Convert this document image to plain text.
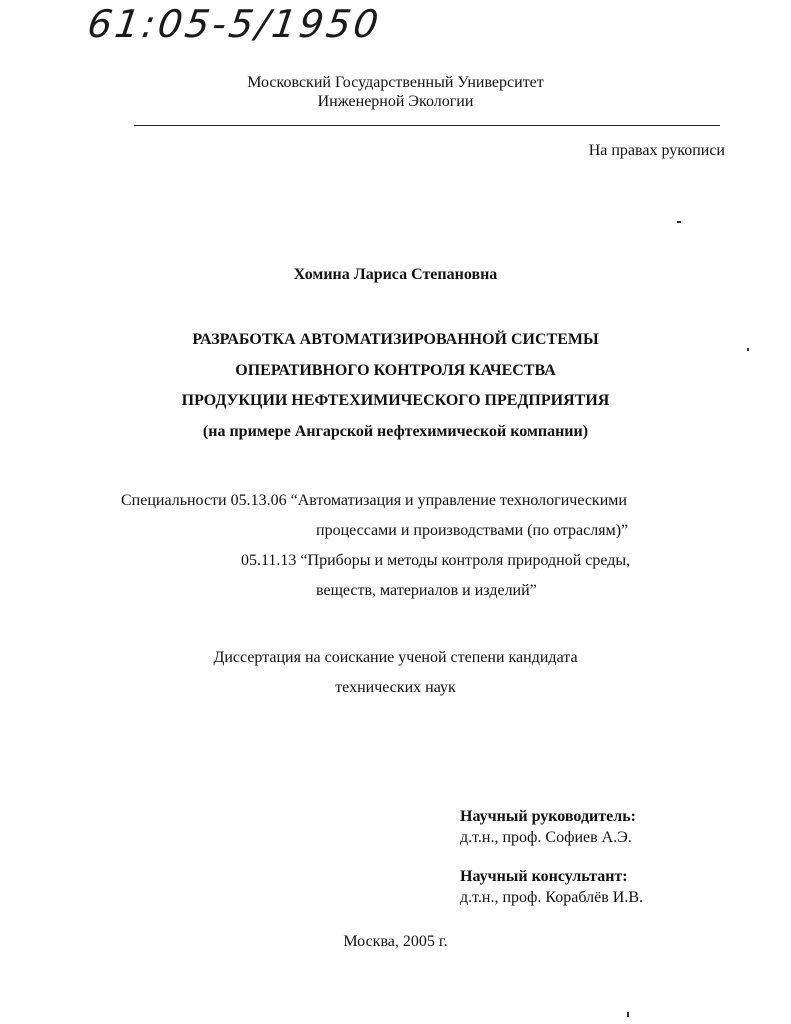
61:05-5/1950
Московский Государственный Университет
Инженерной Экологии
На правах рукописи
Хомина Лариса Степановна
РАЗРАБОТКА АВТОМАТИЗИРОВАННОЙ СИСТЕМЫ
ОПЕРАТИВНОГО КОНТРОЛЯ КАЧЕСТВА
ПРОДУКЦИИ НЕФТЕХИМИЧЕСКОГО ПРЕДПРИЯТИЯ
(на примере Ангарской нефтехимической компании)
Специальности 05.13.06 “Автоматизация и управление технологическими
процессами и производствами (по отраслям)”
05.11.13 “Приборы и методы контроля природной среды,
веществ, материалов и изделий”
Диссертация на соискание ученой степени кандидата
технических наук
Научный руководитель:
д.т.н., проф. Софиев А.Э.
Научный консультант:
д.т.н., проф. Кораблёв И.В.
Москва, 2005 г.
